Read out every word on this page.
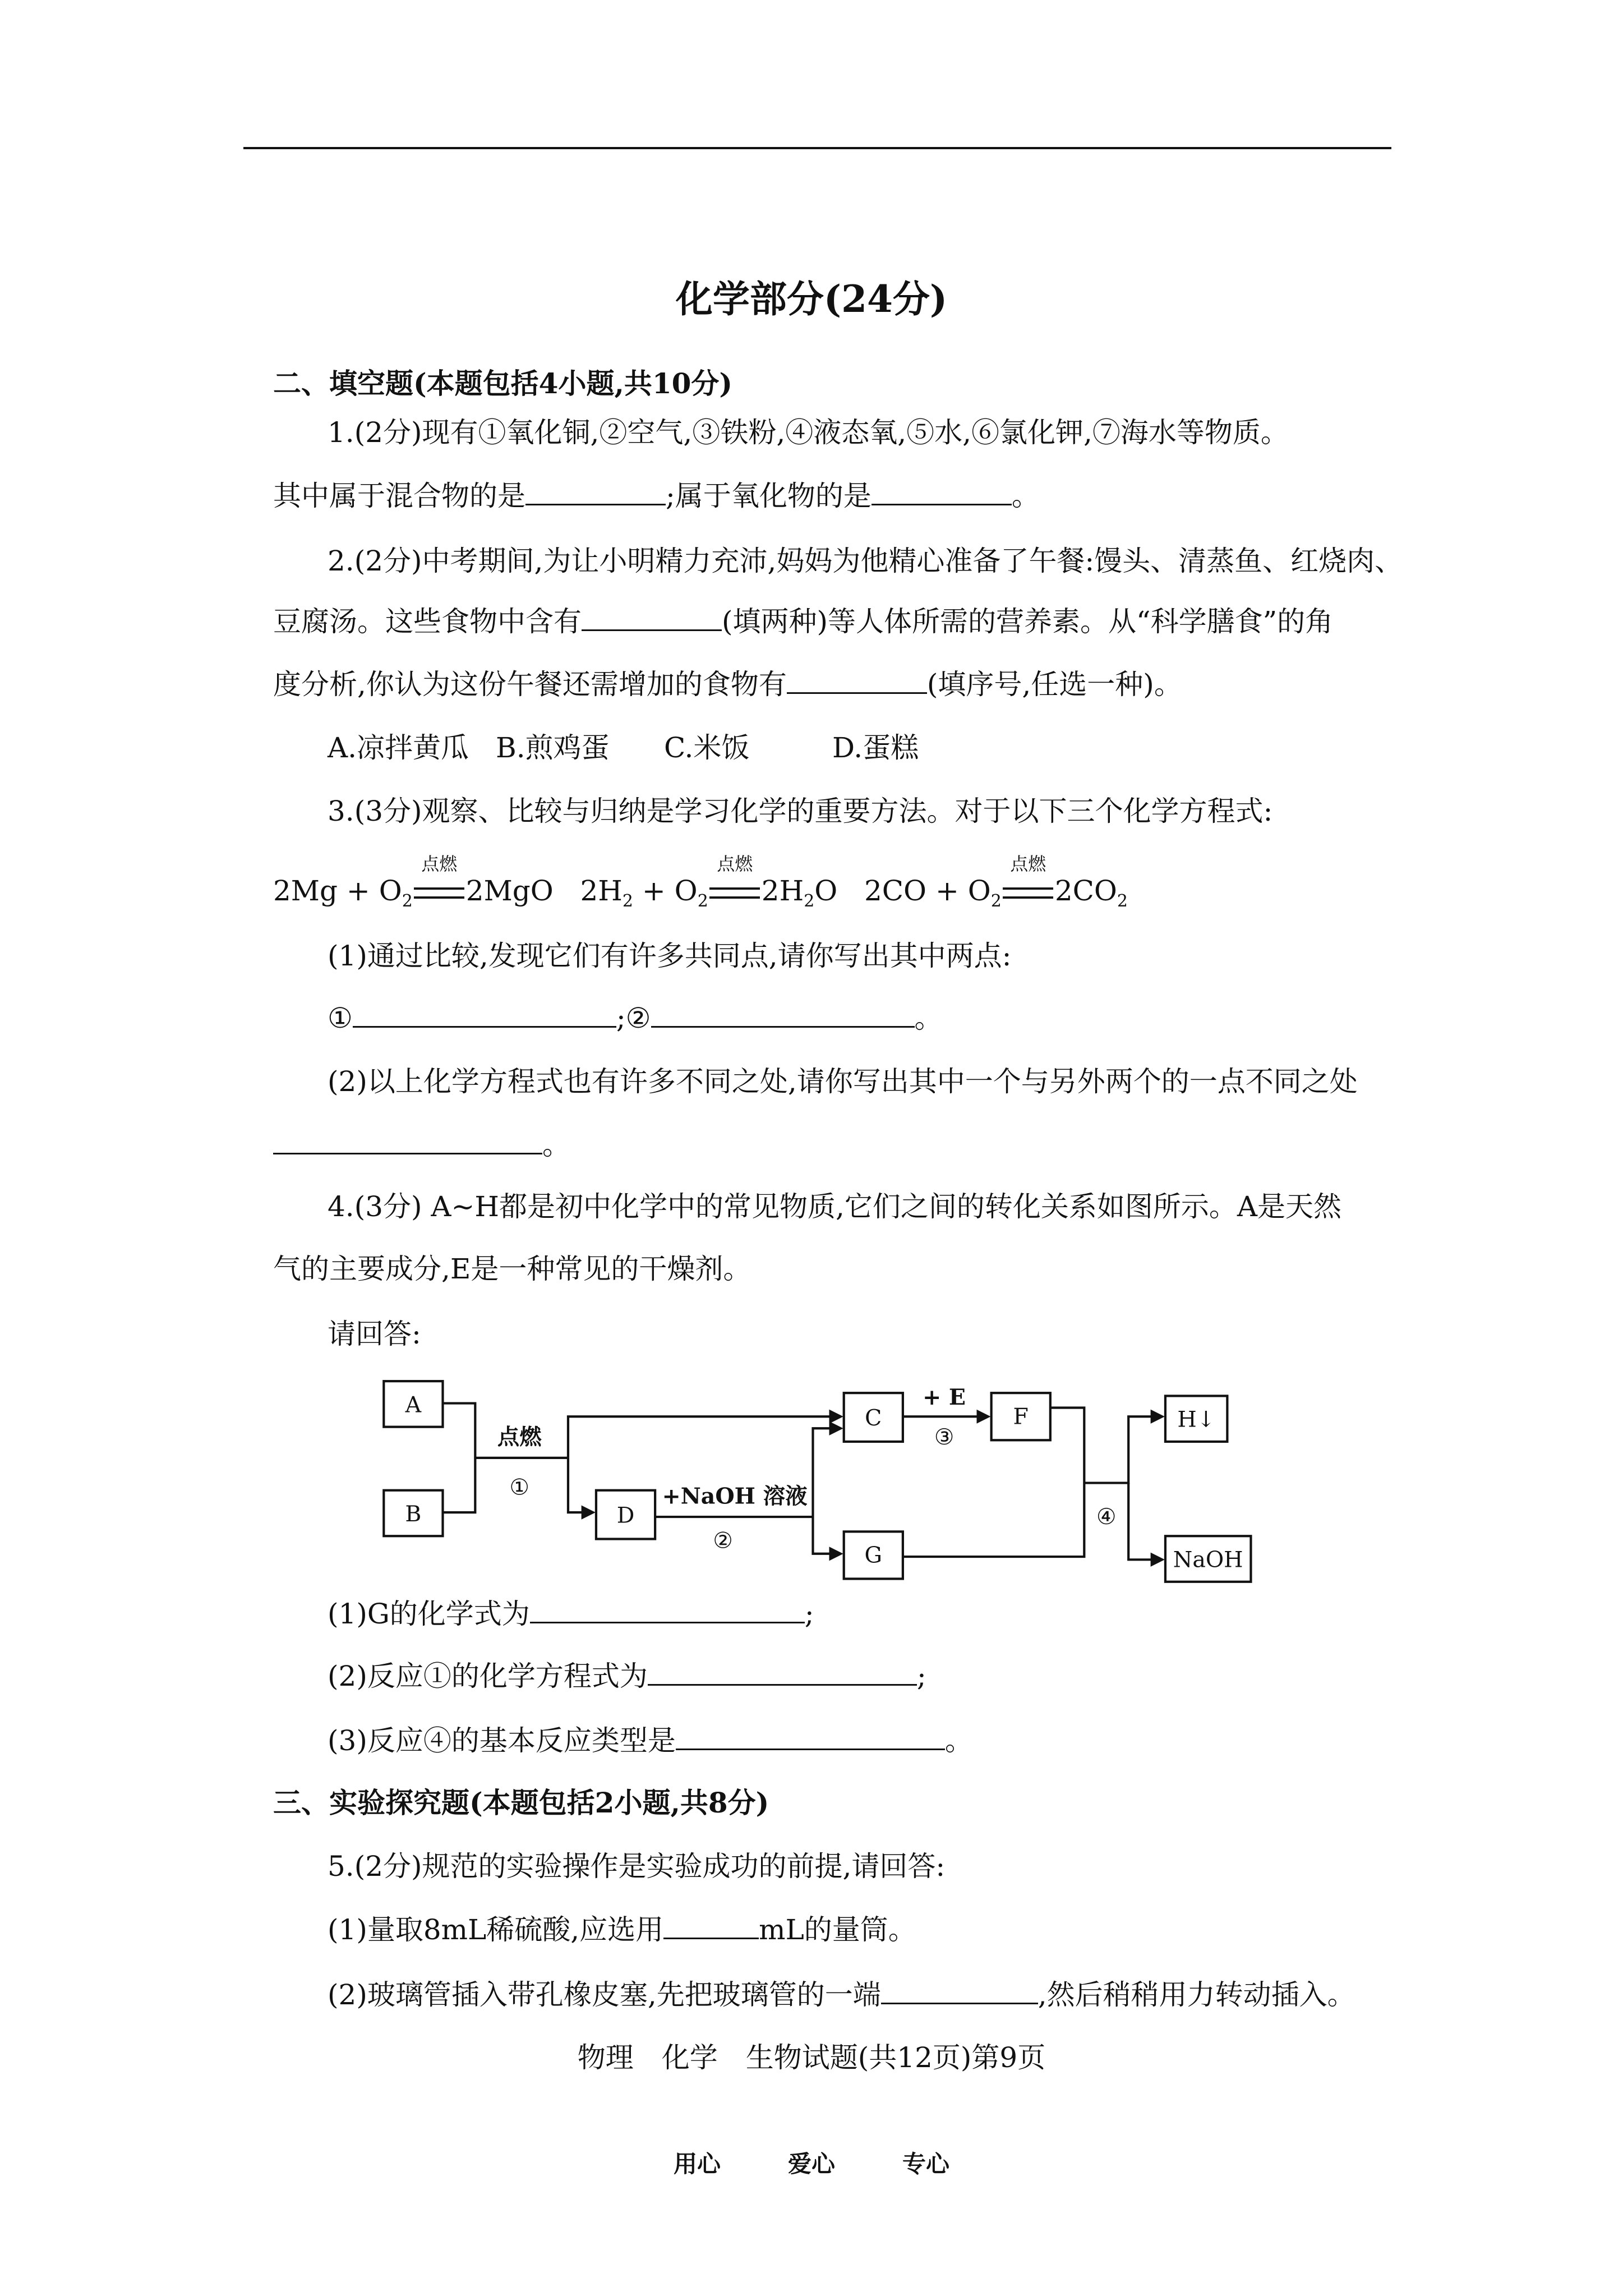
化学部分(24分)
二、填空题(本题包括4小题,共10分)
1.(2分)现有①氧化铜,②空气,③铁粉,④液态氧,⑤水,⑥氯化钾,⑦海水等物质。
其中属于混合物的是	;属于氧化物的是	。
2.(2分)中考期间,为让小明精力充沛,妈妈为他精心准备了午餐:馒头、清蒸鱼、红烧肉、
豆腐汤。这些食物中含有	(填两种)等人体所需的营养素。从“科学膳食”的角
度分析,你认为这份午餐还需增加的食物有	(填序号,任选一种)。
A.凉拌黄瓜 B.煎鸡蛋 C.米饭	D.蛋糕
3.(3分)观察、比较与归纳是学习化学的重要方法。对于以下三个化学方程式:
$2Mg + O_2$
点燃
2MgO $2H_2 + O_2$
点燃
$2H_2O$ $2CO + O_2$
点燃
$2CO_2$
(1)通过比较,发现它们有许多共同点,请你写出其中两点:
①	;②	。
(2)以上化学方程式也有许多不同之处,请你写出其中一个与另外两个的一点不同之处
。
4.(3分) A~H都是初中化学中的常见物质,它们之间的转化关系如图所示。A是天然
气的主要成分,E是一种常见的干燥剂。
请回答:
A
B	D
C
G
F	H↓
NaOH
点燃
①	+NaOH 溶液
②
+ E
③
④
(1)G的化学式为	;
(2)反应①的化学方程式为	;
(3)反应④的基本反应类型是	。
三、实验探究题(本题包括2小题,共8分)
5.(2分)规范的实验操作是实验成功的前提,请回答:
(1)量取8mL稀硫酸,应选用	mL的量筒。
(2)玻璃管插入带孔橡皮塞,先把玻璃管的一端	,然后稍稍用力转动插入。
物理　化学　生物试题(共12页)第9页
用心	爱心	专心
